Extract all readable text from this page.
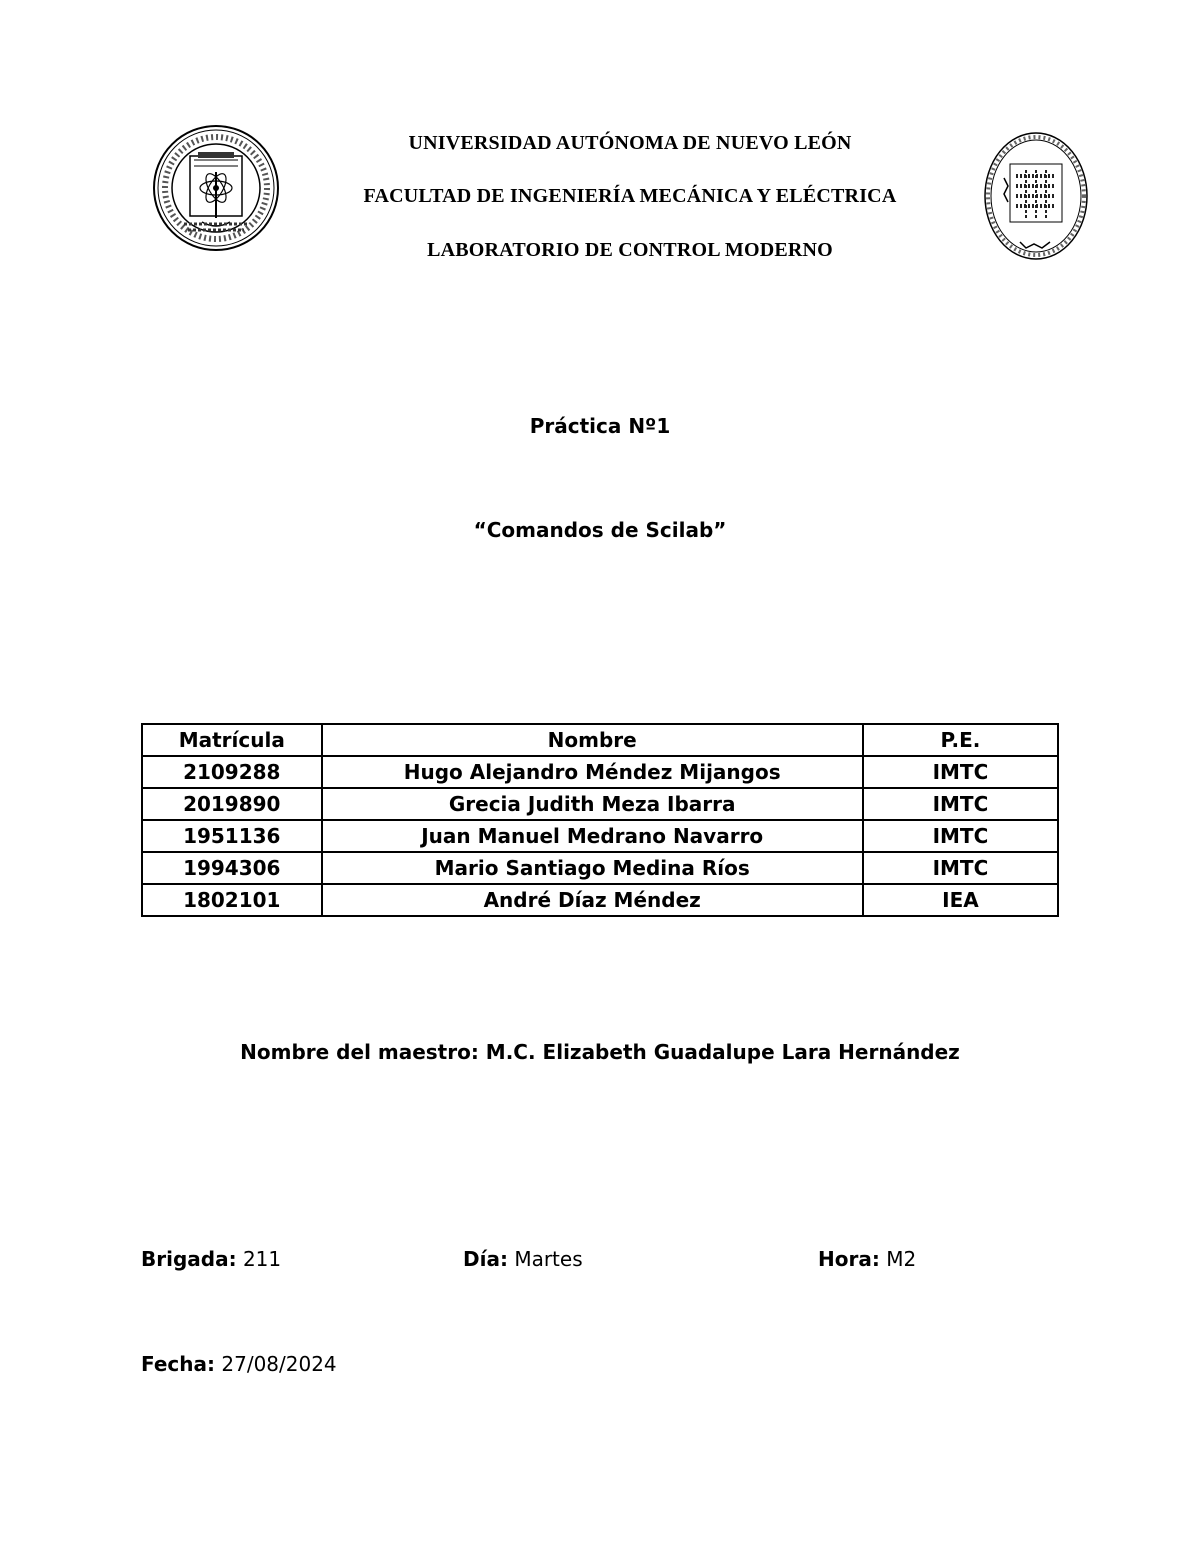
UNIVERSIDAD AUTÓNOMA DE NUEVO LEÓN
FACULTAD DE INGENIERÍA MECÁNICA Y ELÉCTRICA
LABORATORIO DE CONTROL MODERNO
Práctica Nº1
“Comandos de Scilab”
Matrícula	Nombre	P.E.
2109288	Hugo Alejandro Méndez Mijangos	IMTC
2019890	Grecia Judith Meza Ibarra	IMTC
1951136	Juan Manuel Medrano Navarro	IMTC
1994306	Mario Santiago Medina Ríos	IMTC
1802101	André Díaz Méndez	IEA
Nombre del maestro: M.C. Elizabeth Guadalupe Lara Hernández
Brigada: 211	Día: Martes	Hora: M2
Fecha: 27/08/2024
